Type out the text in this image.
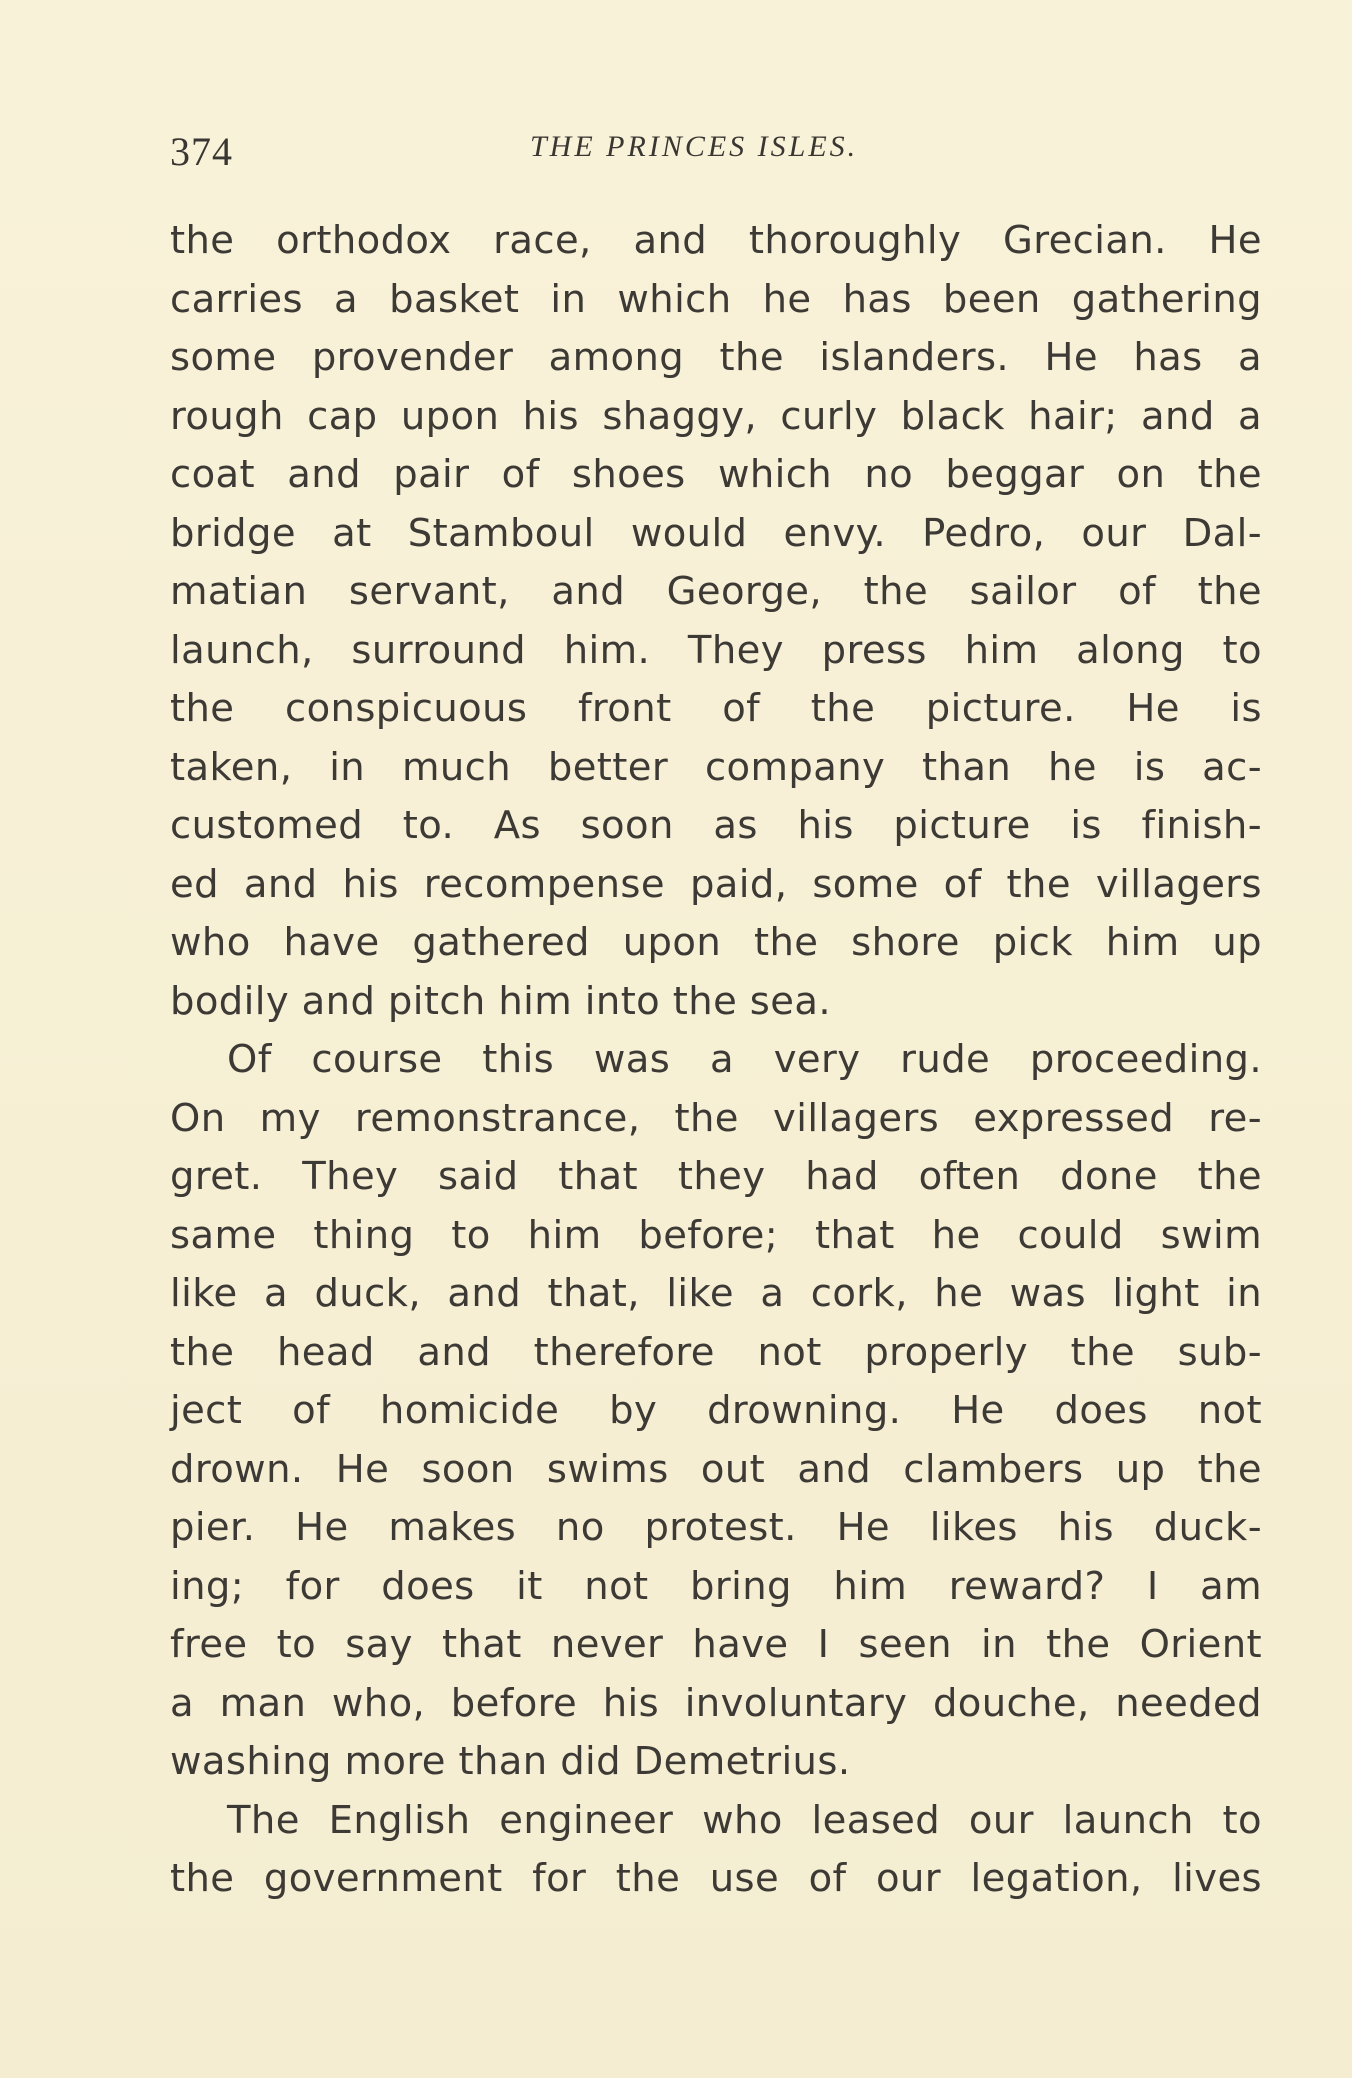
374	THE PRINCES ISLES.
the orthodox race, and thoroughly Grecian. He
carries a basket in which he has been gathering
some provender among the islanders. He has a
rough cap upon his shaggy, curly black hair; and a
coat and pair of shoes which no beggar on the
bridge at Stamboul would envy. Pedro, our Dal-
matian servant, and George, the sailor of the
launch, surround him. They press him along to
the conspicuous front of the picture. He is
taken, in much better company than he is ac-
customed to. As soon as his picture is finish-
ed and his recompense paid, some of the villagers
who have gathered upon the shore pick him up
bodily and pitch him into the sea.
Of course this was a very rude proceeding.
On my remonstrance, the villagers expressed re-
gret. They said that they had often done the
same thing to him before; that he could swim
like a duck, and that, like a cork, he was light in
the head and therefore not properly the sub-
ject of homicide by drowning. He does not
drown. He soon swims out and clambers up the
pier. He makes no protest. He likes his duck-
ing; for does it not bring him reward? I am
free to say that never have I seen in the Orient
a man who, before his involuntary douche, needed
washing more than did Demetrius.
The English engineer who leased our launch to
the government for the use of our legation, lives
